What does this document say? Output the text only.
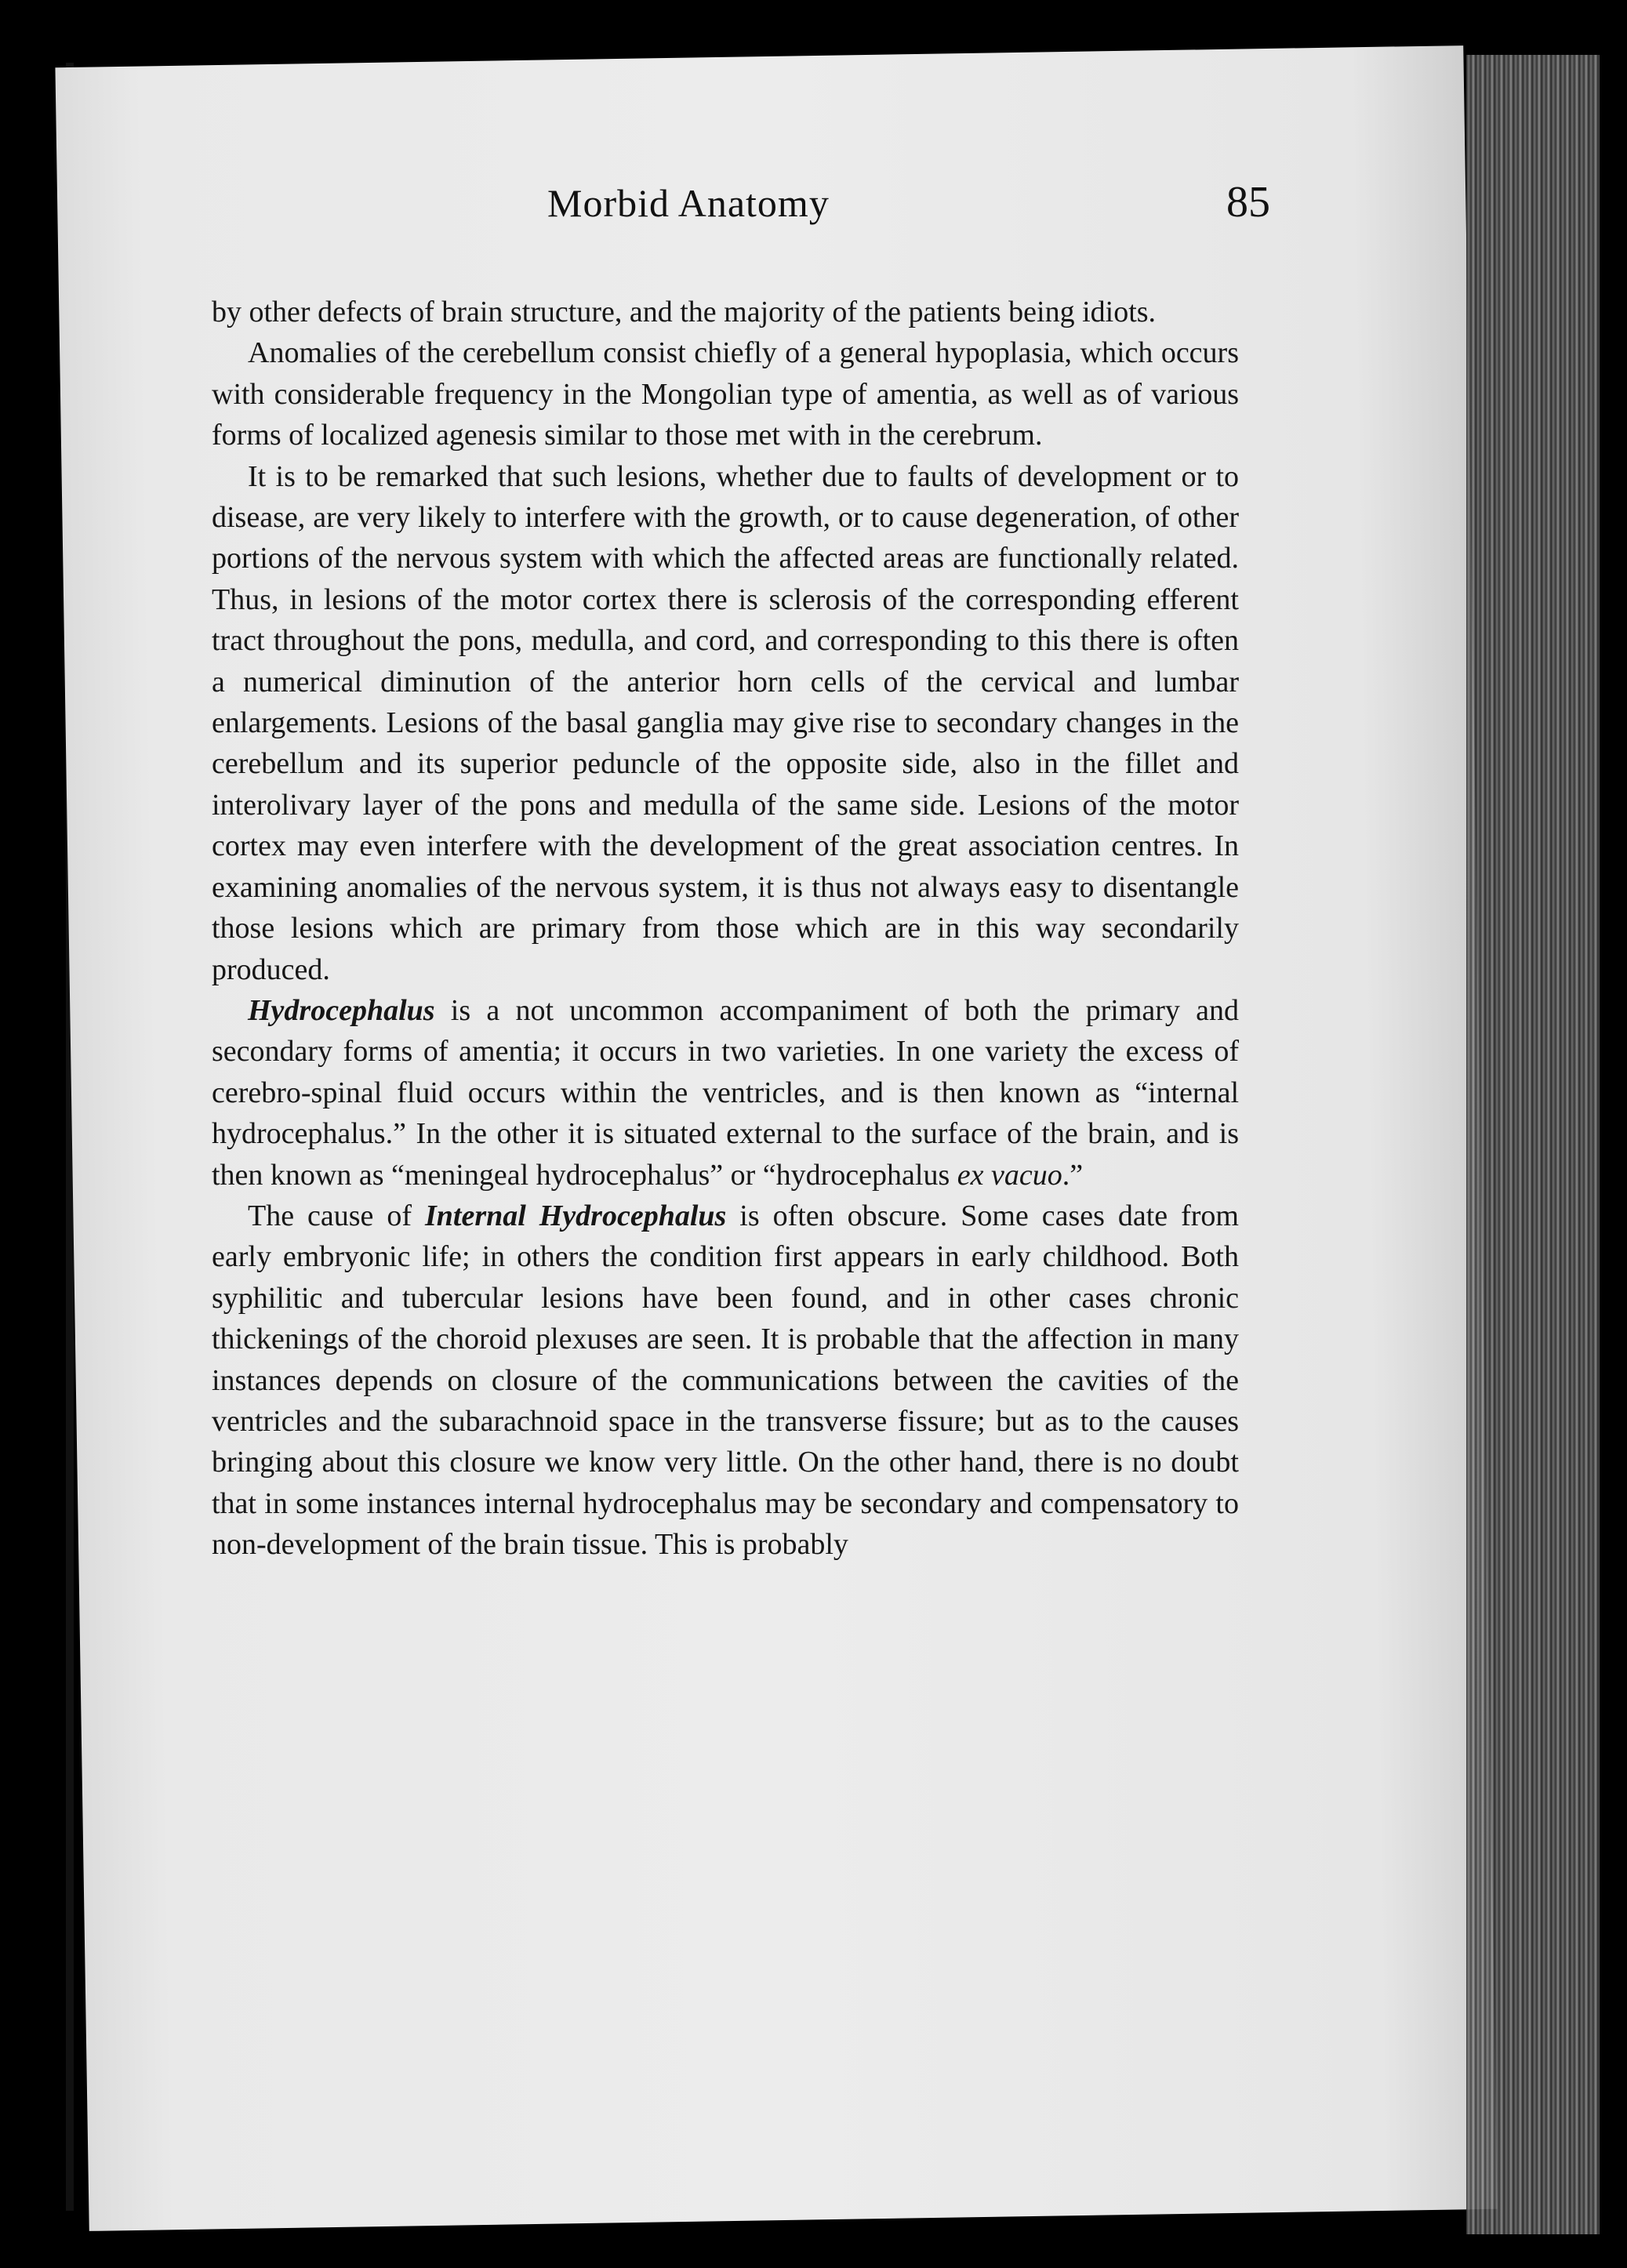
Morbid Anatomy	85

by other defects of brain structure, and the majority of the patients being idiots.

Anomalies of the cerebellum consist chiefly of a general hypoplasia, which occurs with considerable frequency in the Mongolian type of amentia, as well as of various forms of localized agenesis similar to those met with in the cerebrum.

It is to be remarked that such lesions, whether due to faults of development or to disease, are very likely to interfere with the growth, or to cause degeneration, of other portions of the nervous system with which the affected areas are functionally related. Thus, in lesions of the motor cortex there is sclerosis of the corresponding efferent tract throughout the pons, medulla, and cord, and corresponding to this there is often a numerical diminution of the anterior horn cells of the cervical and lumbar enlargements. Lesions of the basal ganglia may give rise to secondary changes in the cerebellum and its superior peduncle of the opposite side, also in the fillet and interolivary layer of the pons and medulla of the same side. Lesions of the motor cortex may even interfere with the development of the great association centres. In examining anomalies of the nervous system, it is thus not always easy to disentangle those lesions which are primary from those which are in this way secondarily produced.

Hydrocephalus is a not uncommon accompaniment of both the primary and secondary forms of amentia; it occurs in two varieties. In one variety the excess of cerebro-spinal fluid occurs within the ventricles, and is then known as “internal hydrocephalus.” In the other it is situated external to the surface of the brain, and is then known as “meningeal hydrocephalus” or “hydrocephalus ex vacuo.”

The cause of Internal Hydrocephalus is often obscure. Some cases date from early embryonic life; in others the condition first appears in early childhood. Both syphilitic and tubercular lesions have been found, and in other cases chronic thickenings of the choroid plexuses are seen. It is probable that the affection in many instances depends on closure of the communications between the cavities of the ventricles and the subarachnoid space in the transverse fissure; but as to the causes bringing about this closure we know very little. On the other hand, there is no doubt that in some instances internal hydrocephalus may be secondary and compensatory to non-development of the brain tissue. This is probably
